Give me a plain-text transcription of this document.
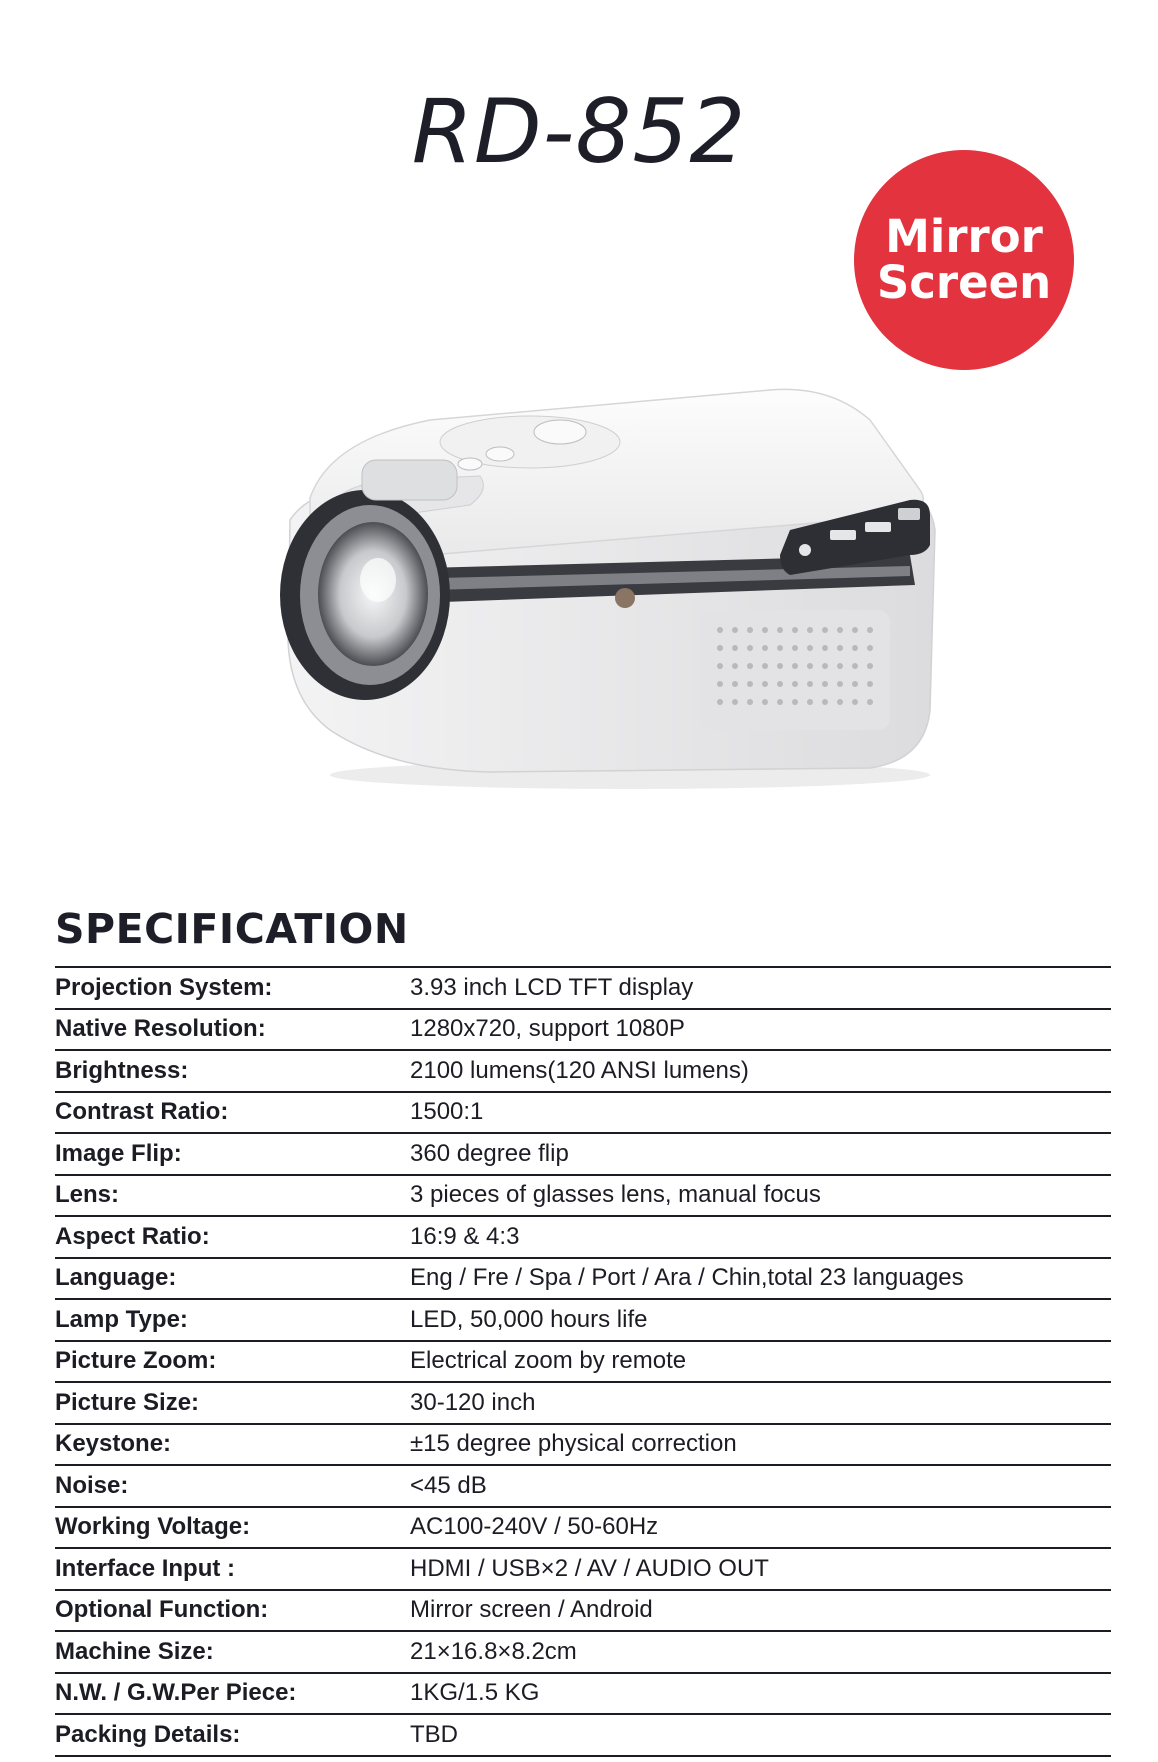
RD-852
Mirror
Screen
SPECIFICATION
Projection System:	3.93 inch LCD TFT display
Native Resolution:	1280x720, support 1080P
Brightness:	2100 lumens(120 ANSI lumens)
Contrast Ratio:	1500:1
Image Flip:	360 degree flip
Lens:	3 pieces of glasses lens, manual focus
Aspect Ratio:	16:9 & 4:3
Language:	Eng / Fre / Spa / Port / Ara / Chin,total 23 languages
Lamp Type:	LED, 50,000 hours life
Picture Zoom:	Electrical zoom by remote
Picture Size:	30-120 inch
Keystone:	±15 degree physical correction
Noise:	<45 dB
Working Voltage:	AC100-240V / 50-60Hz
Interface Input :	HDMI / USB×2 / AV / AUDIO OUT
Optional Function:	Mirror screen / Android
Machine Size:	21×16.8×8.2cm
N.W. / G.W.Per Piece:	1KG/1.5 KG
Packing Details:	TBD
